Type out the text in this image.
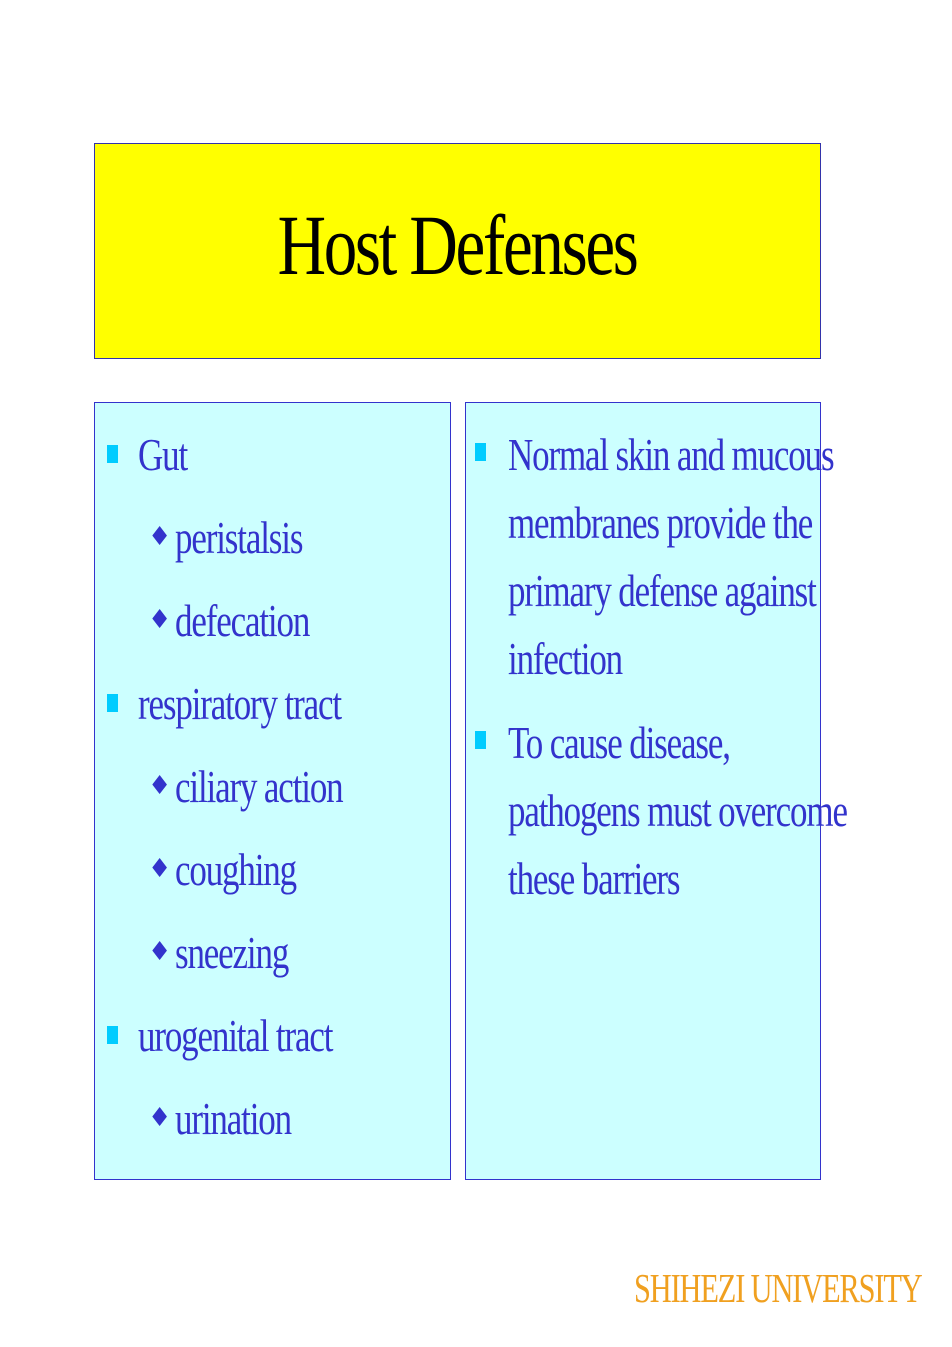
Host Defenses
Gut
♦ peristalsis
♦ defecation
respiratory tract
♦ ciliary action
♦ coughing
♦ sneezing
urogenital tract
♦ urination
Normal skin and mucous
membranes provide the
primary defense against
infection
To cause disease,
pathogens must overcome
these barriers
SHIHEZI UNIVERSITY
